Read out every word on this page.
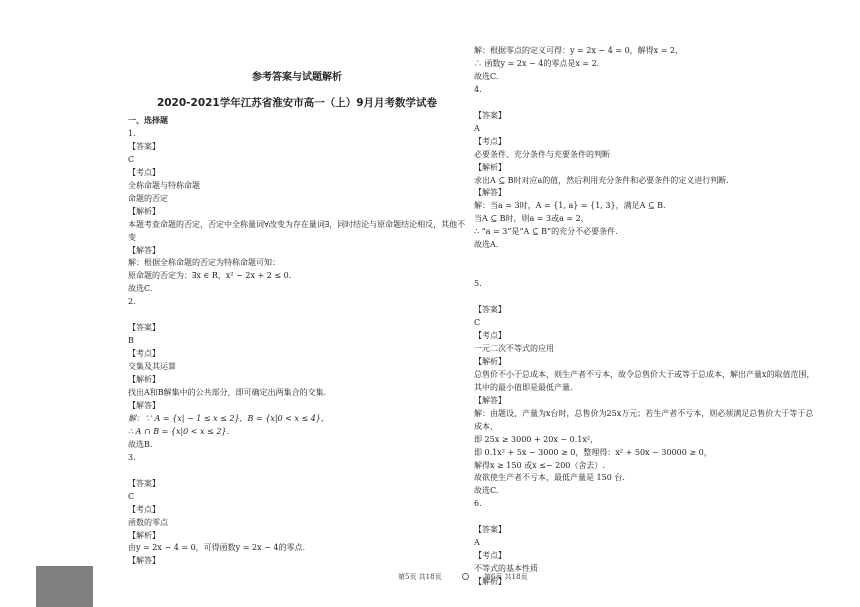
参考答案与试题解析
2020-2021学年江苏省淮安市高一（上）9月月考数学试卷
一、选择题
1.
【答案】
C
【考点】
全称命题与特称命题
命题的否定
【解析】
本题考查命题的否定，否定中全称量词∀改变为存在量词∃，同时结论与原命题结论相反，其他不变
【解答】
解：根据全称命题的否定为特称命题可知：
原命题的否定为：∃x ∈ R，x² − 2x + 2 ≤ 0.
故选C.
2.

【答案】
B
【考点】
交集及其运算
【解析】
找出A和B解集中的公共部分，即可确定出两集合的交集.
【解答】
解：∵ A = {x| − 1 ≤ x ≤ 2}，B = {x|0 < x ≤ 4}，
∴ A ∩ B = {x|0 < x ≤ 2}.
故选B.
3.

【答案】
C
【考点】
函数的零点
【解析】
由y = 2x − 4 = 0，可得函数y = 2x − 4的零点.
【解答】
解：根据零点的定义可得：y = 2x − 4 = 0，解得x = 2，
∴ 函数y = 2x − 4的零点是x = 2.
故选C.
4.

【答案】
A
【考点】
必要条件、充分条件与充要条件的判断
【解析】
求出A ⊆ B时对应a的值，然后利用充分条件和必要条件的定义进行判断.
【解答】
解：当a = 3时，A = {1, a} = {1, 3}，满足A ⊆ B.
当A ⊆ B时，则a = 3或a = 2，
∴ “a = 3”是“A ⊆ B”的充分不必要条件.
故选A.

5.

【答案】
C
【考点】
一元二次不等式的应用
【解析】
总售价不小于总成本，则生产者不亏本，故令总售价大于或等于总成本，解出产量x的取值范围，其中的最小值即是最低产量.
【解答】
解：由题设，产量为x台时，总售价为25x万元；若生产者不亏本，则必须满足总售价大于等于总成本，
即 25x ≥ 3000 + 20x − 0.1x²，
即 0.1x² + 5x − 3000 ≥ 0，整理得：x² + 50x − 30000 ≥ 0，
解得x ≥ 150 或x ≤− 200（舍去）.
故欲使生产者不亏本，最低产量是 150 台.
故选C.
6.

【答案】
A
【考点】
不等式的基本性质
【解析】
第5页 共18页	第6页 共18页
